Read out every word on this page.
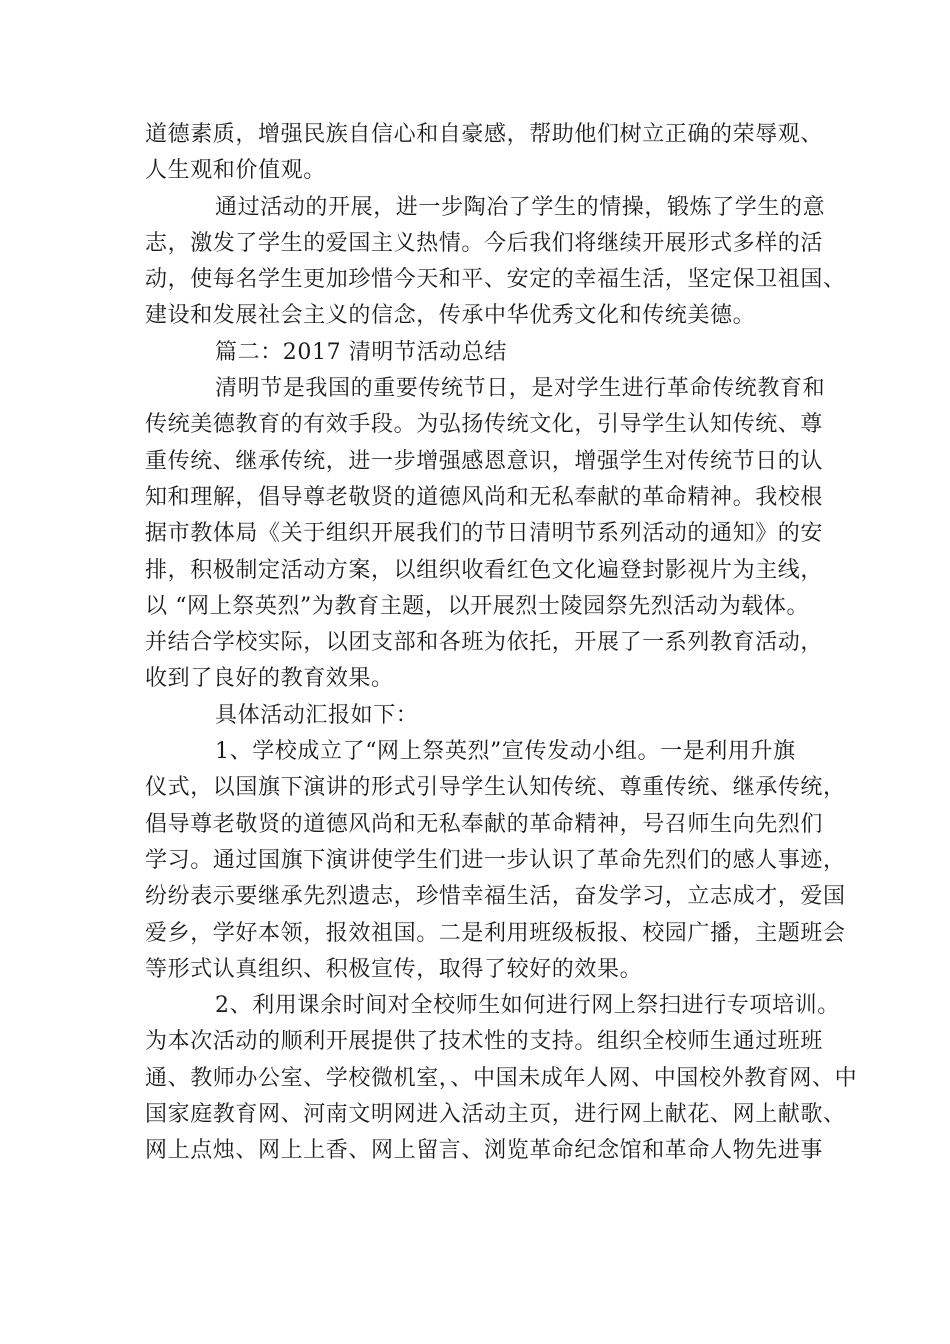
道德素质，增强民族自信心和自豪感，帮助他们树立正确的荣辱观、
人生观和价值观。
通过活动的开展，进一步陶冶了学生的情操，锻炼了学生的意
志，激发了学生的爱国主义热情。今后我们将继续开展形式多样的活
动，使每名学生更加珍惜今天和平、安定的幸福生活，坚定保卫祖国、
建设和发展社会主义的信念，传承中华优秀文化和传统美德。
篇二：2017 清明节活动总结
清明节是我国的重要传统节日，是对学生进行革命传统教育和
传统美德教育的有效手段。为弘扬传统文化，引导学生认知传统、尊
重传统、继承传统，进一步增强感恩意识，增强学生对传统节日的认
知和理解，倡导尊老敬贤的道德风尚和无私奉献的革命精神。我校根
据市教体局《关于组织开展我们的节日清明节系列活动的通知》的安
排，积极制定活动方案，以组织收看红色文化遍登封影视片为主线，
以 “网上祭英烈”为教育主题，以开展烈士陵园祭先烈活动为载体。
并结合学校实际，以团支部和各班为依托，开展了一系列教育活动，
收到了良好的教育效果。
具体活动汇报如下：
1、学校成立了“网上祭英烈”宣传发动小组。一是利用升旗
仪式，以国旗下演讲的形式引导学生认知传统、尊重传统、继承传统，
倡导尊老敬贤的道德风尚和无私奉献的革命精神，号召师生向先烈们
学习。通过国旗下演讲使学生们进一步认识了革命先烈们的感人事迹，
纷纷表示要继承先烈遗志，珍惜幸福生活，奋发学习，立志成才，爱国
爱乡，学好本领，报效祖国。二是利用班级板报、校园广播，主题班会
等形式认真组织、积极宣传，取得了较好的效果。
2、利用课余时间对全校师生如何进行网上祭扫进行专项培训。
为本次活动的顺利开展提供了技术性的支持。组织全校师生通过班班
通、教师办公室、学校微机室，、中国未成年人网、中国校外教育网、中
国家庭教育网、河南文明网进入活动主页，进行网上献花、网上献歌、
网上点烛、网上上香、网上留言、浏览革命纪念馆和革命人物先进事
